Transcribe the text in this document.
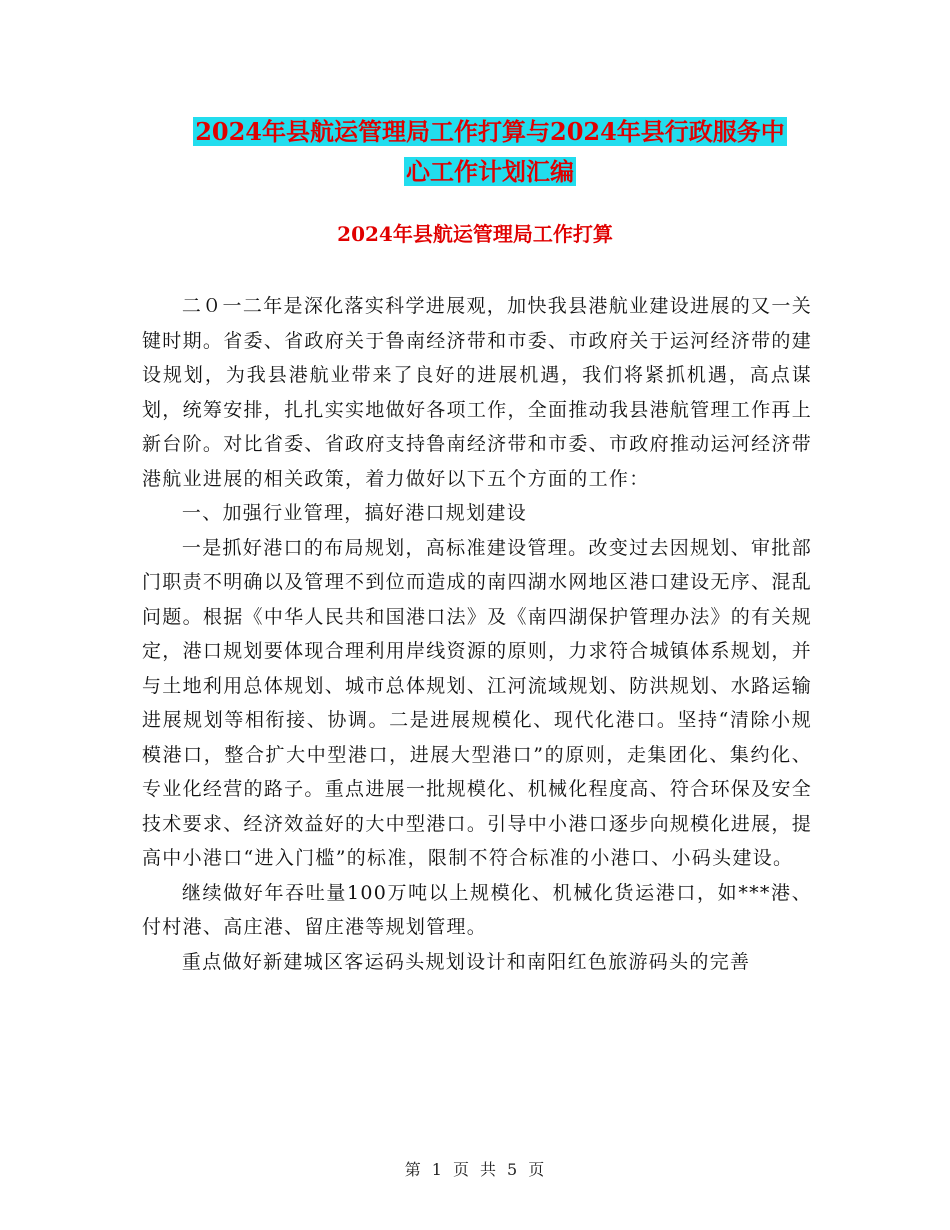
2024年县航运管理局工作打算与2024年县行政服务中
心工作计划汇编
2024年县航运管理局工作打算

二０一二年是深化落实科学进展观，加快我县港航业建设进展的又一关键时期。省委、省政府关于鲁南经济带和市委、市政府关于运河经济带的建设规划，为我县港航业带来了良好的进展机遇，我们将紧抓机遇，高点谋划，统筹安排，扎扎实实地做好各项工作，全面推动我县港航管理工作再上新台阶。对比省委、省政府支持鲁南经济带和市委、市政府推动运河经济带港航业进展的相关政策，着力做好以下五个方面的工作：

一、加强行业管理，搞好港口规划建设

一是抓好港口的布局规划，高标准建设管理。改变过去因规划、审批部门职责不明确以及管理不到位而造成的南四湖水网地区港口建设无序、混乱问题。根据《中华人民共和国港口法》及《南四湖保护管理办法》的有关规定，港口规划要体现合理利用岸线资源的原则，力求符合城镇体系规划，并与土地利用总体规划、城市总体规划、江河流域规划、防洪规划、水路运输进展规划等相衔接、协调。二是进展规模化、现代化港口。坚持“清除小规模港口，整合扩大中型港口，进展大型港口”的原则，走集团化、集约化、专业化经营的路子。重点进展一批规模化、机械化程度高、符合环保及安全技术要求、经济效益好的大中型港口。引导中小港口逐步向规模化进展，提高中小港口“进入门槛”的标准，限制不符合标准的小港口、小码头建设。

继续做好年吞吐量100万吨以上规模化、机械化货运港口，如***港、付村港、高庄港、留庄港等规划管理。

重点做好新建城区客运码头规划设计和南阳红色旅游码头的完善

第 1 页 共 5 页
